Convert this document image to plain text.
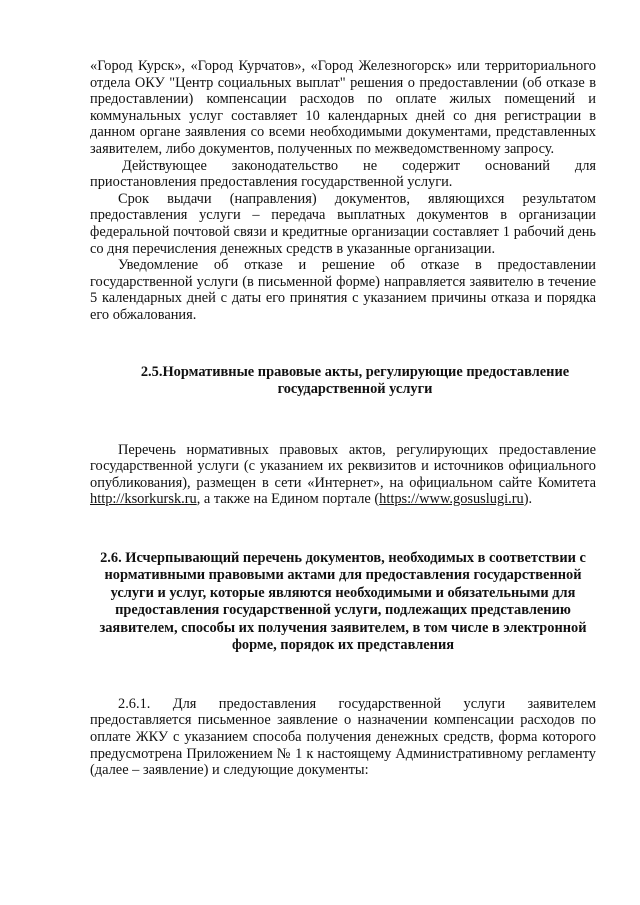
«Город Курск», «Город Курчатов», «Город Железногорск» или территориального отдела ОКУ "Центр социальных выплат" решения о предоставлении (об отказе в предоставлении) компенсации расходов по оплате жилых помещений и коммунальных услуг составляет 10 календарных дней со дня регистрации в данном органе заявления со всеми необходимыми документами, представленных заявителем, либо документов, полученных по межведомственному запросу.

Действующее законодательство не содержит оснований для приостановления предоставления государственной услуги.

Срок выдачи (направления) документов, являющихся результатом предоставления услуги – передача выплатных документов в организации федеральной почтовой связи и кредитные организации составляет 1 рабочий день со дня перечисления денежных средств в указанные организации.

Уведомление об отказе и решение об отказе в предоставлении государственной услуги (в письменной форме) направляется заявителю в течение 5 календарных дней с даты его принятия с указанием причины отказа и порядка его обжалования.

2.5.Нормативные правовые акты, регулирующие предоставление государственной услуги

Перечень нормативных правовых актов, регулирующих предоставление государственной услуги (с указанием их реквизитов и источников официального опубликования), размещен в сети «Интернет», на официальном сайте Комитета http://ksorkursk.ru, а также на Едином портале (https://www.gosuslugi.ru).

2.6. Исчерпывающий перечень документов, необходимых в соответствии с нормативными правовыми актами для предоставления государственной услуги и услуг, которые являются необходимыми и обязательными для предоставления государственной услуги, подлежащих представлению заявителем, способы их получения заявителем, в том числе в электронной форме, порядок их представления

2.6.1. Для предоставления государственной услуги заявителем предоставляется письменное заявление о назначении компенсации расходов по оплате ЖКУ с указанием способа получения денежных средств, форма которого предусмотрена Приложением № 1 к настоящему Административному регламенту (далее – заявление) и следующие документы:
